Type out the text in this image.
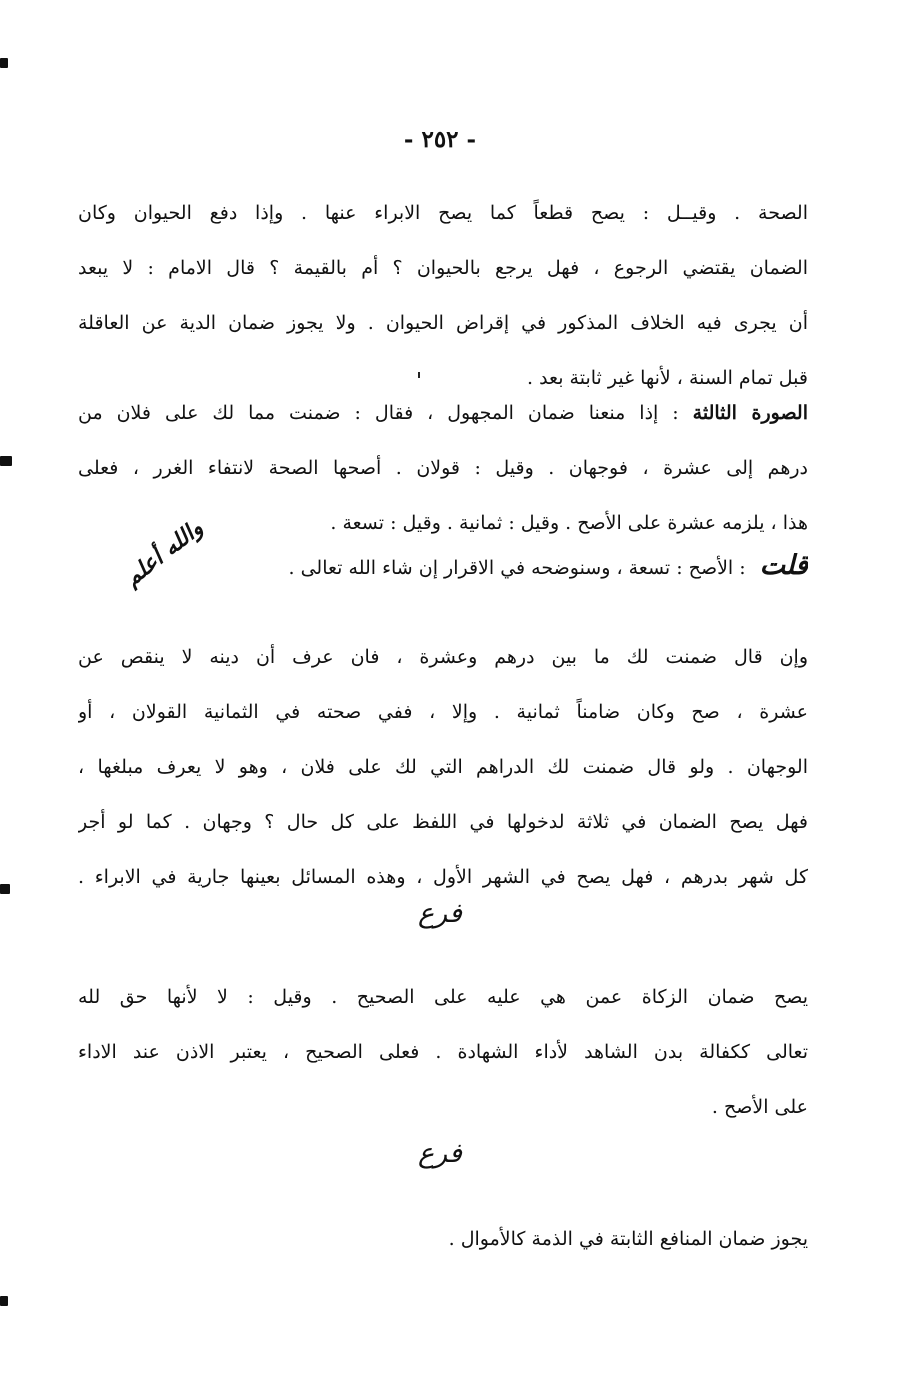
- ٢٥٢ -
الصحة . وقيــل : يصح قطعاً كما يصح الابراء عنها . وإذا دفع الحيوان وكان
الضمان يقتضي الرجوع ، فهل يرجع بالحيوان ؟ أم بالقيمة ؟ قال الامام : لا يبعد
أن يجرى فيه الخلاف المذكور في إقراض الحيوان . ولا يجوز ضمان الدية عن العاقلة
قبل تمام السنة ، لأنها غير ثابتة بعد .
الصورة الثالثة : إذا منعنا ضمان المجهول ، فقال : ضمنت مما لك على فلان من
درهم إلى عشرة ، فوجهان . وقيل : قولان . أصحها الصحة لانتفاء الغرر ، فعلى
هذا ، يلزمه عشرة على الأصح . وقيل : ثمانية . وقيل : تسعة .
قلت: الأصح : تسعة ، وسنوضحه في الاقرار إن شاء الله تعالى .
والله أعلم
وإن قال ضمنت لك ما بين درهم وعشرة ، فان عرف أن دينه لا ينقص عن
عشرة ، صح وكان ضامناً ثمانية . وإلا ، ففي صحته في الثمانية القولان ، أو
الوجهان . ولو قال ضمنت لك الدراهم التي لك على فلان ، وهو لا يعرف مبلغها ،
فهل يصح الضمان في ثلاثة لدخولها في اللفظ على كل حال ؟ وجهان . كما لو أجر
كل شهر بدرهم ، فهل يصح في الشهر الأول ، وهذه المسائل بعينها جارية في الابراء .
فرع
يصح ضمان الزكاة عمن هي عليه على الصحيح . وقيل : لا لأنها حق لله
تعالى ككفالة بدن الشاهد لأداء الشهادة . فعلى الصحيح ، يعتبر الاذن عند الاداء
على الأصح .
فرع
يجوز ضمان المنافع الثابتة في الذمة كالأموال .
